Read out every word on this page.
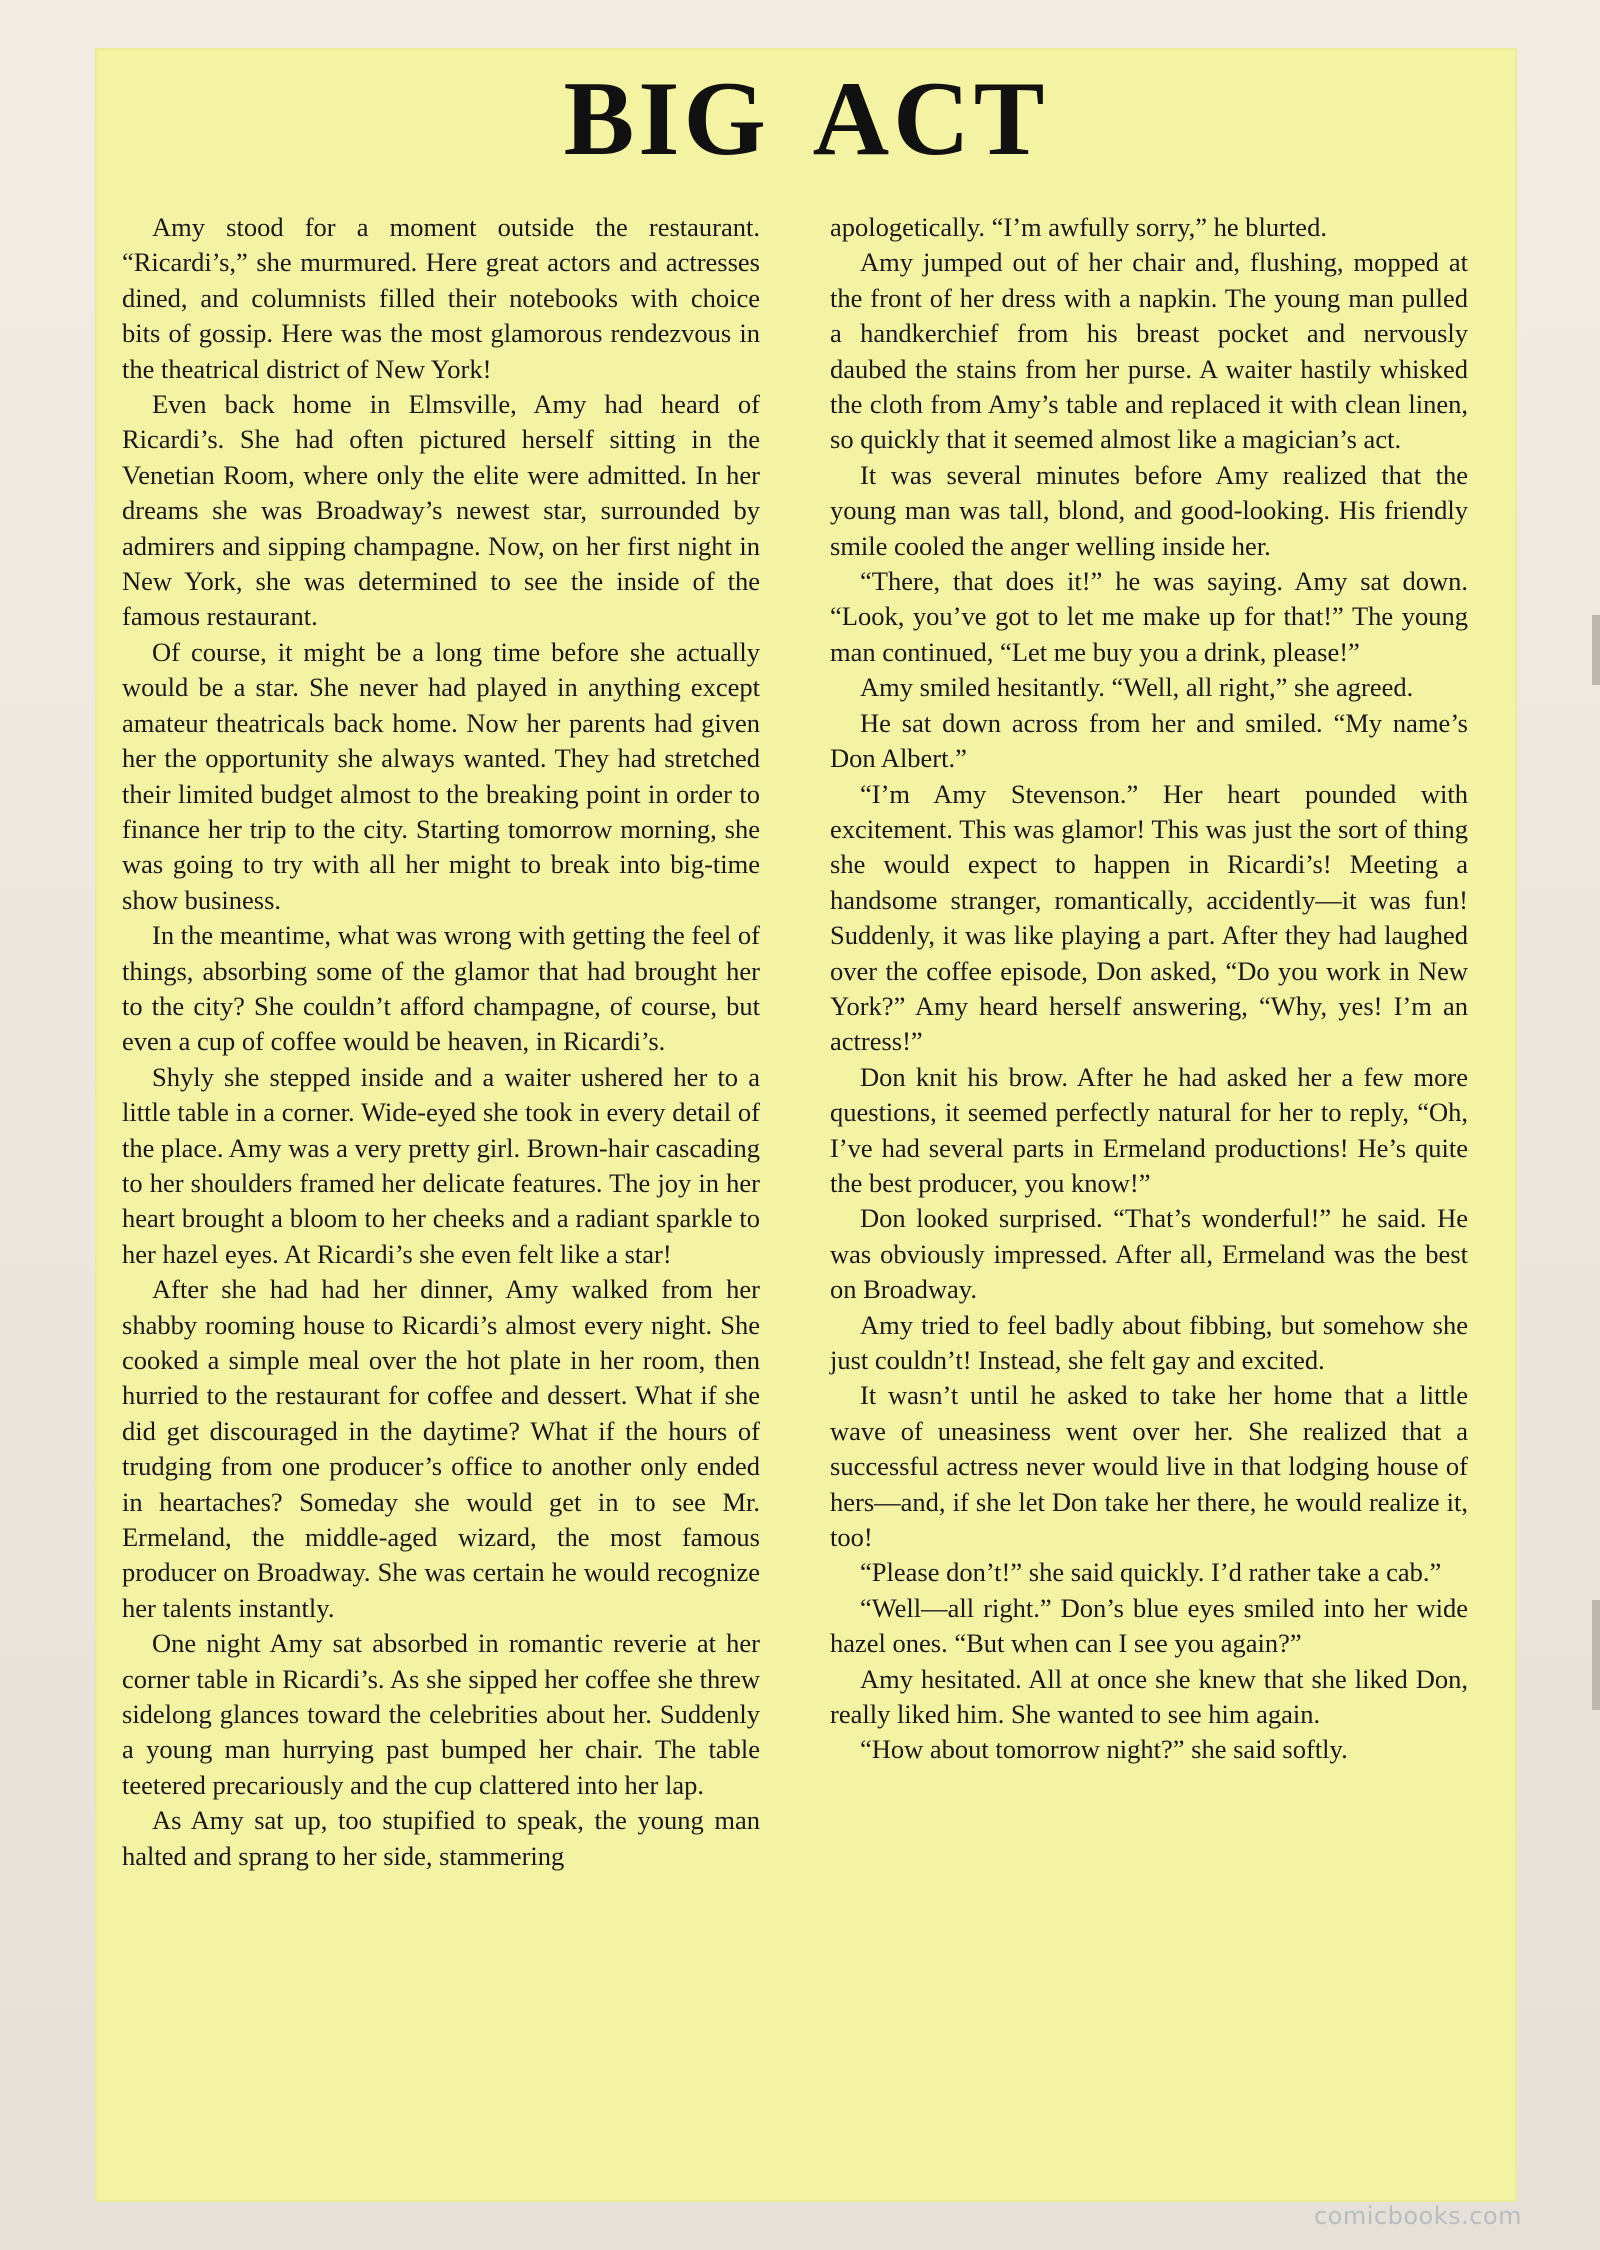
BIG ACT

Amy stood for a moment outside the restaurant. “Ricardi’s,” she murmured. Here great actors and actresses dined, and columnists filled their notebooks with choice bits of gossip. Here was the most glamorous rendezvous in the theatrical district of New York!

Even back home in Elmsville, Amy had heard of Ricardi’s. She had often pictured herself sitting in the Venetian Room, where only the elite were admitted. In her dreams she was Broadway’s newest star, surrounded by admirers and sipping champagne. Now, on her first night in New York, she was determined to see the inside of the famous restaurant.

Of course, it might be a long time before she actually would be a star. She never had played in anything except amateur theatricals back home. Now her parents had given her the opportunity she always wanted. They had stretched their limited budget almost to the breaking point in order to finance her trip to the city. Starting tomorrow morning, she was going to try with all her might to break into big-time show business.

In the meantime, what was wrong with getting the feel of things, absorbing some of the glamor that had brought her to the city? She couldn’t afford champagne, of course, but even a cup of coffee would be heaven, in Ricardi’s.

Shyly she stepped inside and a waiter ushered her to a little table in a corner. Wide-eyed she took in every detail of the place. Amy was a very pretty girl. Brown-hair cascading to her shoulders framed her delicate features. The joy in her heart brought a bloom to her cheeks and a radiant sparkle to her hazel eyes. At Ricardi’s she even felt like a star!

After she had had her dinner, Amy walked from her shabby rooming house to Ricardi’s almost every night. She cooked a simple meal over the hot plate in her room, then hurried to the restaurant for coffee and dessert. What if she did get discouraged in the daytime? What if the hours of trudging from one producer’s office to another only ended in heartaches? Someday she would get in to see Mr. Ermeland, the middle-aged wizard, the most famous producer on Broadway. She was certain he would recognize her talents instantly.

One night Amy sat absorbed in romantic reverie at her corner table in Ricardi’s. As she sipped her coffee she threw sidelong glances toward the celebrities about her. Suddenly a young man hurrying past bumped her chair. The table teetered precariously and the cup clattered into her lap.

As Amy sat up, too stupified to speak, the young man halted and sprang to her side, stammering

apologetically. “I’m awfully sorry,” he blurted.

Amy jumped out of her chair and, flushing, mopped at the front of her dress with a napkin. The young man pulled a handkerchief from his breast pocket and nervously daubed the stains from her purse. A waiter hastily whisked the cloth from Amy’s table and replaced it with clean linen, so quickly that it seemed almost like a magician’s act.

It was several minutes before Amy realized that the young man was tall, blond, and good-looking. His friendly smile cooled the anger welling inside her.

“There, that does it!” he was saying. Amy sat down. “Look, you’ve got to let me make up for that!” The young man continued, “Let me buy you a drink, please!”

Amy smiled hesitantly. “Well, all right,” she agreed.

He sat down across from her and smiled. “My name’s Don Albert.”

“I’m Amy Stevenson.” Her heart pounded with excitement. This was glamor! This was just the sort of thing she would expect to happen in Ricardi’s! Meeting a handsome stranger, romantically, accidently—it was fun! Suddenly, it was like playing a part. After they had laughed over the coffee episode, Don asked, “Do you work in New York?” Amy heard herself answering, “Why, yes! I’m an actress!”

Don knit his brow. After he had asked her a few more questions, it seemed perfectly natural for her to reply, “Oh, I’ve had several parts in Ermeland productions! He’s quite the best producer, you know!”

Don looked surprised. “That’s wonderful!” he said. He was obviously impressed. After all, Ermeland was the best on Broadway.

Amy tried to feel badly about fibbing, but somehow she just couldn’t! Instead, she felt gay and excited.

It wasn’t until he asked to take her home that a little wave of uneasiness went over her. She realized that a successful actress never would live in that lodging house of hers—and, if she let Don take her there, he would realize it, too!

“Please don’t!” she said quickly. I’d rather take a cab.”

“Well—all right.” Don’s blue eyes smiled into her wide hazel ones. “But when can I see you again?”

Amy hesitated. All at once she knew that she liked Don, really liked him. She wanted to see him again.

“How about tomorrow night?” she said softly.

comicbooks.com
